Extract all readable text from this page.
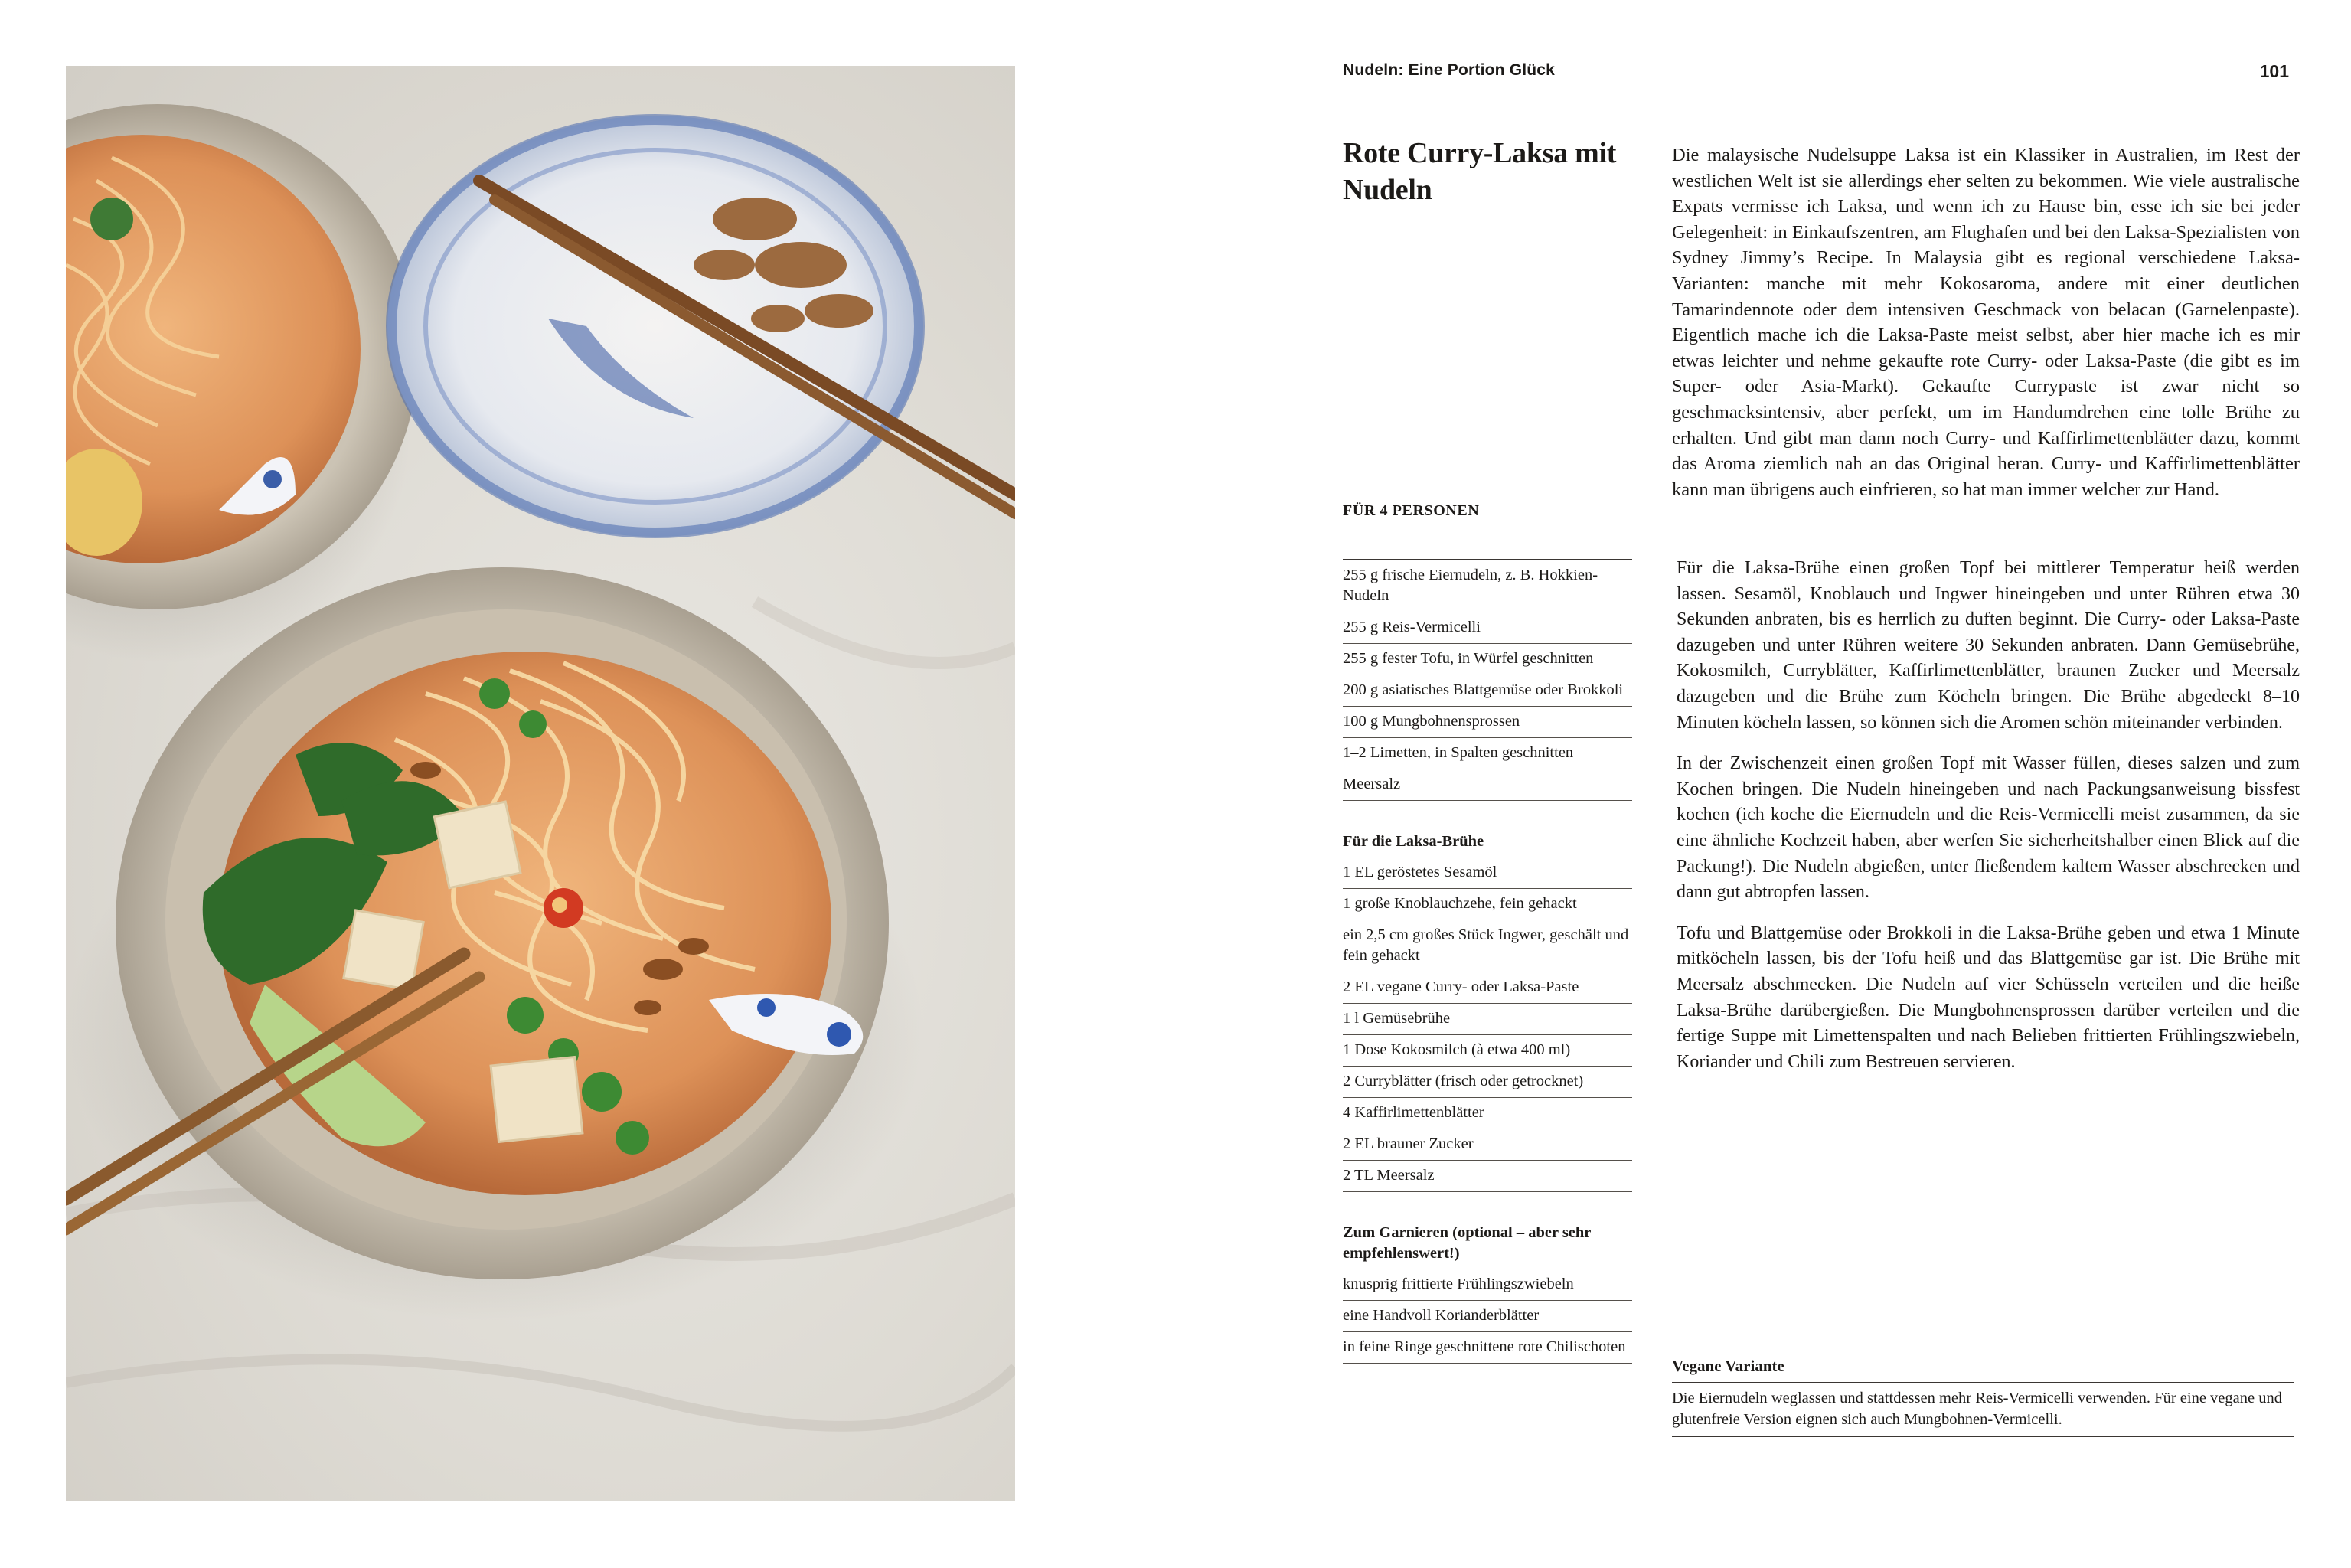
Nudeln: Eine Portion Glück	101
Rote Curry-Laksa mit Nudeln

Die malaysische Nudelsuppe Laksa ist ein Klassiker in Australien, im Rest der westlichen Welt ist sie allerdings eher selten zu bekommen. Wie viele australische Expats vermisse ich Laksa, und wenn ich zu Hause bin, esse ich sie bei jeder Gelegenheit: in Einkaufszentren, am Flughafen und bei den Laksa-Spezialisten von Sydney Jimmy’s Recipe. In Malaysia gibt es regional verschiedene Laksa-Varianten: manche mit mehr Kokosaroma, andere mit einer deutlichen Tamarindennote oder dem intensiven Geschmack von belacan (Garnelenpaste). Eigentlich mache ich die Laksa-Paste meist selbst, aber hier mache ich es mir etwas leichter und nehme gekaufte rote Curry- oder Laksa-Paste (die gibt es im Super- oder Asia-Markt). Gekaufte Currypaste ist zwar nicht so geschmacksintensiv, aber perfekt, um im Handumdrehen eine tolle Brühe zu erhalten. Und gibt man dann noch Curry- und Kaffirlimettenblätter dazu, kommt das Aroma ziemlich nah an das Original heran. Curry- und Kaffirlimettenblätter kann man übrigens auch einfrieren, so hat man immer welcher zur Hand.

FÜR 4 PERSONEN
255 g frische Eiernudeln, z. B. Hokkien-Nudeln
255 g Reis-Vermicelli
255 g fester Tofu, in Würfel geschnitten
200 g asiatisches Blattgemüse oder Brokkoli
100 g Mungbohnensprossen
1–2 Limetten, in Spalten geschnitten
Meersalz
Für die Laksa-Brühe
1 EL geröstetes Sesamöl
1 große Knoblauchzehe, fein gehackt
ein 2,5 cm großes Stück Ingwer, geschält und fein gehackt
2 EL vegane Curry- oder Laksa-Paste
1 l Gemüsebrühe
1 Dose Kokosmilch (à etwa 400 ml)
2 Curryblätter (frisch oder getrocknet)
4 Kaffirlimettenblätter
2 EL brauner Zucker
2 TL Meersalz
Zum Garnieren (optional – aber sehr empfehlenswert!)
knusprig frittierte Frühlingszwiebeln
eine Handvoll Korianderblätter
in feine Ringe geschnittene rote Chilischoten

Für die Laksa-Brühe einen großen Topf bei mittlerer Temperatur heiß werden lassen. Sesamöl, Knoblauch und Ingwer hineingeben und unter Rühren etwa 30 Sekunden anbraten, bis es herrlich zu duften beginnt. Die Curry- oder Laksa-Paste dazugeben und unter Rühren weitere 30 Sekunden anbraten. Dann Gemüsebrühe, Kokosmilch, Curryblätter, Kaffirlimettenblätter, braunen Zucker und Meersalz dazugeben und die Brühe zum Köcheln bringen. Die Brühe abgedeckt 8–10 Minuten köcheln lassen, so können sich die Aromen schön miteinander verbinden.

In der Zwischenzeit einen großen Topf mit Wasser füllen, dieses salzen und zum Kochen bringen. Die Nudeln hineingeben und nach Packungsanweisung bissfest kochen (ich koche die Eiernudeln und die Reis-Vermicelli meist zusammen, da sie eine ähnliche Kochzeit haben, aber werfen Sie sicherheitshalber einen Blick auf die Packung!). Die Nudeln abgießen, unter fließendem kaltem Wasser abschrecken und dann gut abtropfen lassen.

Tofu und Blattgemüse oder Brokkoli in die Laksa-Brühe geben und etwa 1 Minute mitköcheln lassen, bis der Tofu heiß und das Blattgemüse gar ist. Die Brühe mit Meersalz abschmecken. Die Nudeln auf vier Schüsseln verteilen und die heiße Laksa-Brühe darübergießen. Die Mungbohnensprossen darüber verteilen und die fertige Suppe mit Limettenspalten und nach Belieben frittierten Frühlingszwiebeln, Koriander und Chili zum Bestreuen servieren.

Vegane Variante
Die Eiernudeln weglassen und stattdessen mehr Reis-Vermicelli verwenden. Für eine vegane und glutenfreie Version eignen sich auch Mungbohnen-Vermicelli.
